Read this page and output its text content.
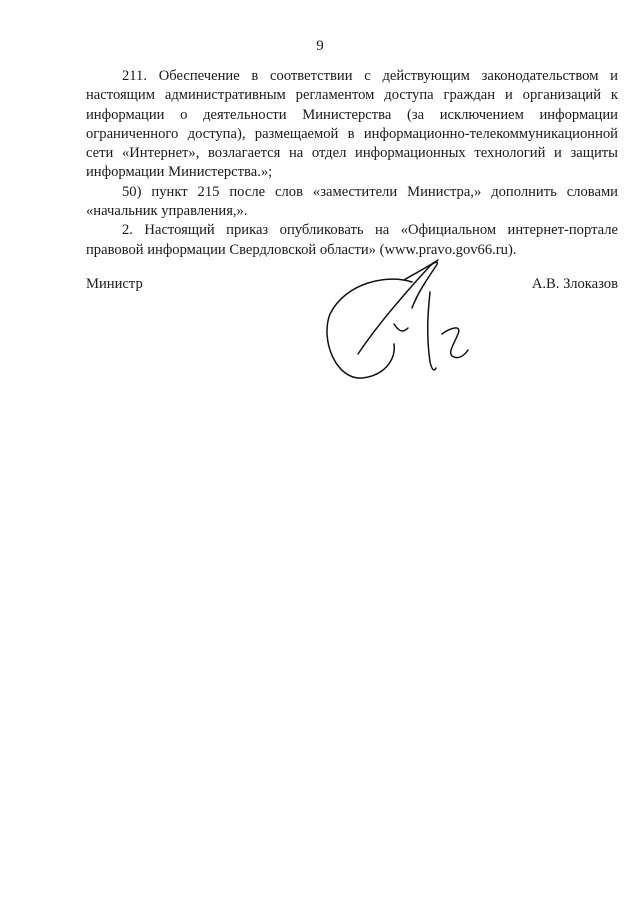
9

211. Обеспечение в соответствии с действующим законодательством и настоящим административным регламентом доступа граждан и организаций к информации о деятельности Министерства (за исключением информации ограниченного доступа), размещаемой в информационно-телекоммуникационной сети «Интернет», возлагается на отдел информационных технологий и защиты информации Министерства.»;

50) пункт 215 после слов «заместители Министра,» дополнить словами «начальник управления,».

2. Настоящий приказ опубликовать на «Официальном интернет-портале правовой информации Свердловской области» (www.pravo.gov66.ru).

Министр	А.В. Злоказов
